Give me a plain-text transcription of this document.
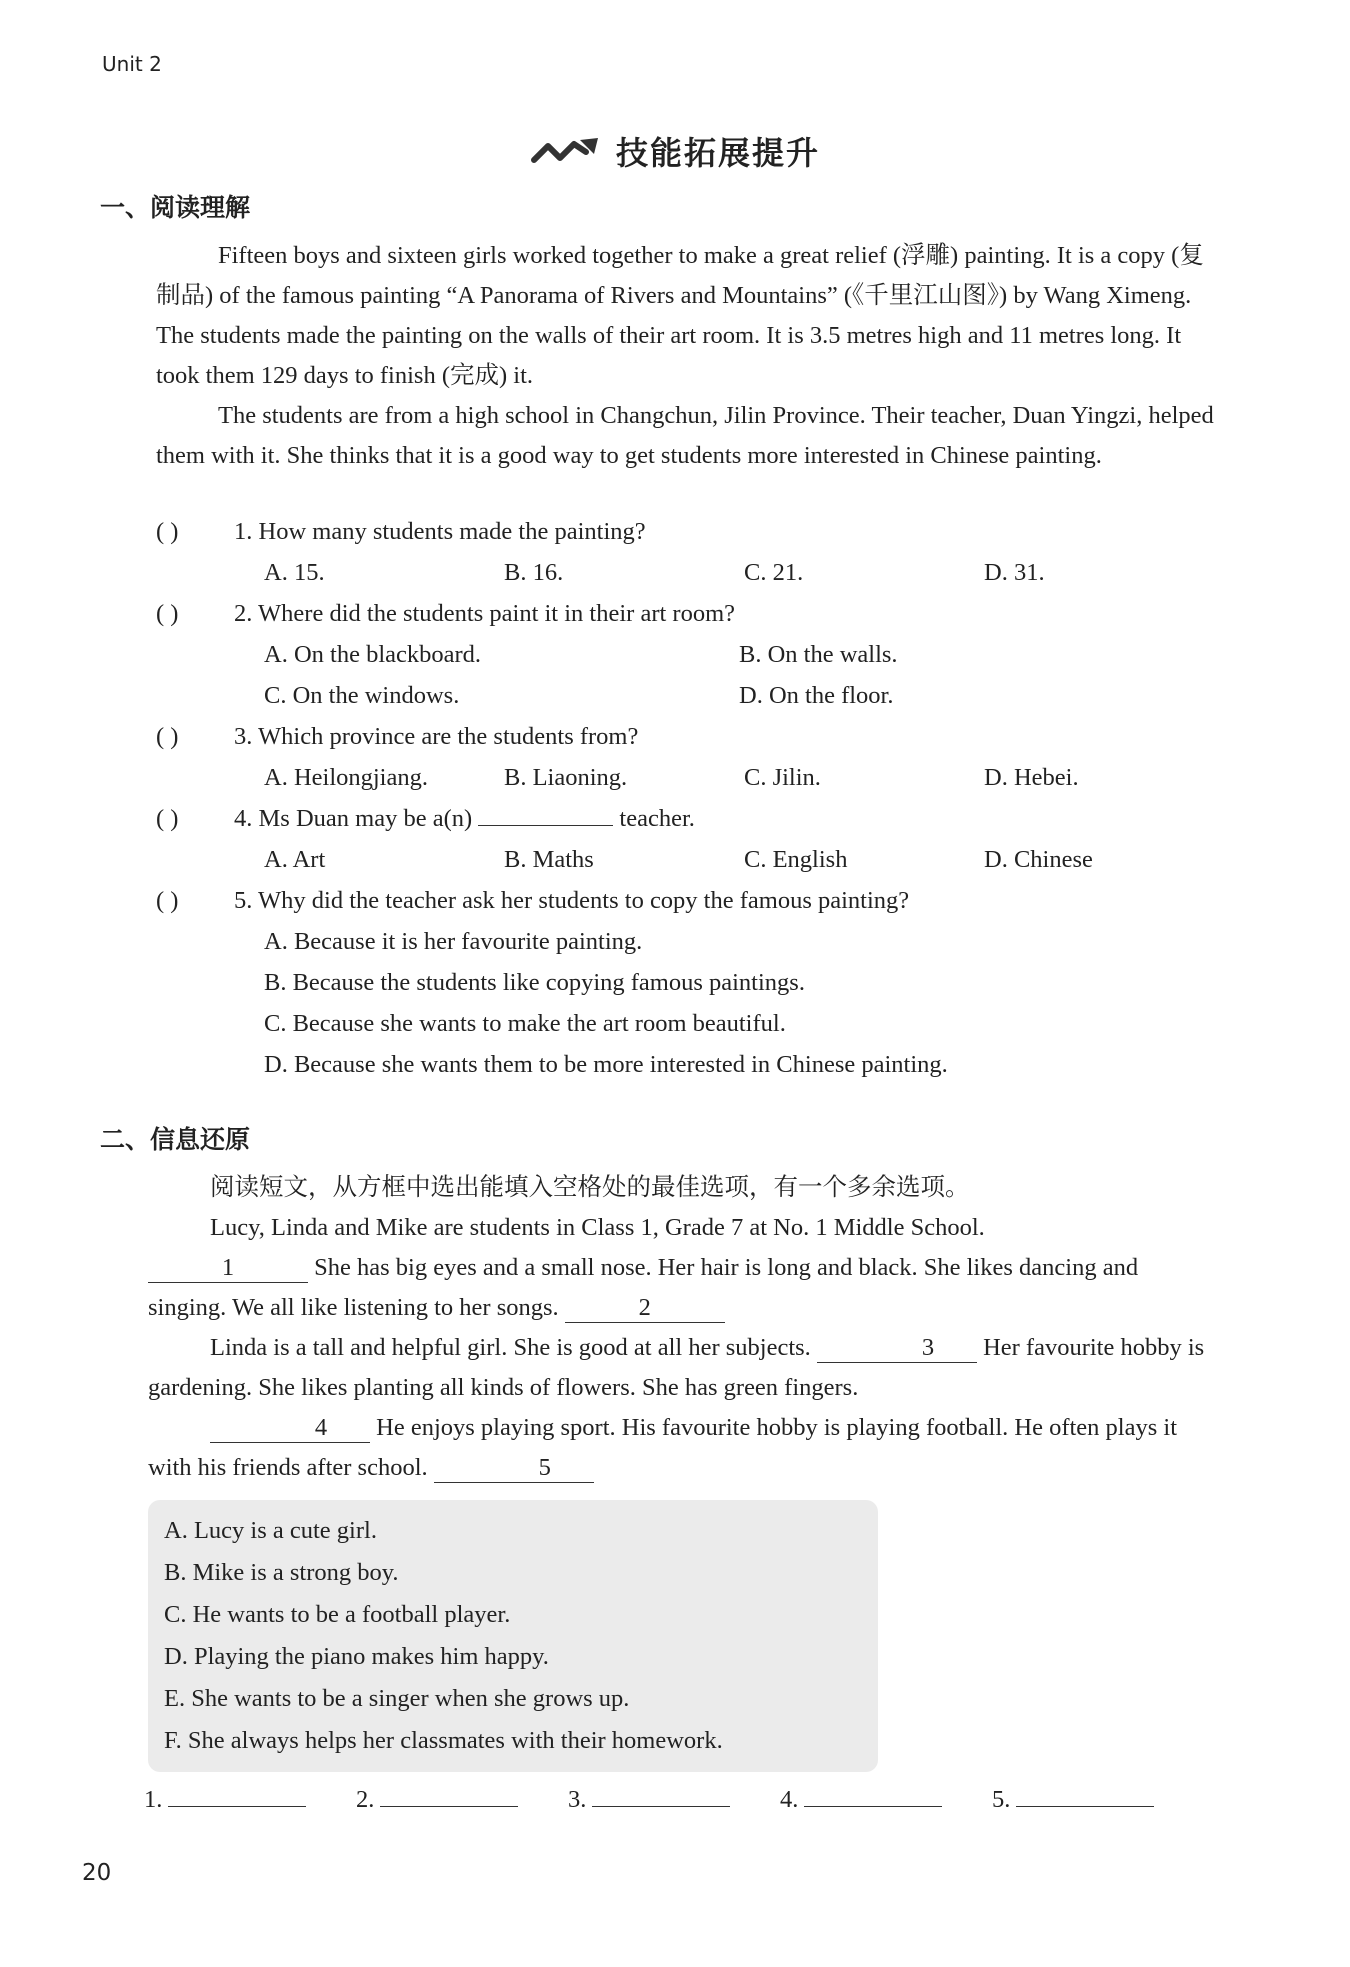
Unit 2
技能拓展提升
一、阅读理解

Fifteen boys and sixteen girls worked together to make a great relief (浮雕) painting. It is a copy (复制品) of the famous painting “A Panorama of Rivers and Mountains” (《千里江山图》) by Wang Ximeng. The students made the painting on the walls of their art room. It is 3.5 metres high and 11 metres long. It took them 129 days to finish (完成) it.

The students are from a high school in Changchun, Jilin Province. Their teacher, Duan Yingzi, helped them with it. She thinks that it is a good way to get students more interested in Chinese painting.

( )	1. How many students made the painting?
A. 15.	B. 16.	C. 21.	D. 31.
( )	2. Where did the students paint it in their art room?
A. On the blackboard.	B. On the walls.
C. On the windows.	D. On the floor.
( )	3. Which province are the students from?
A. Heilongjiang.	B. Liaoning.	C. Jilin.	D. Hebei.
( )	4. Ms Duan may be a(n)	teacher.
A. Art	B. Maths	C. English	D. Chinese
( )	5. Why did the teacher ask her students to copy the famous painting?
A. Because it is her favourite painting.
B. Because the students like copying famous paintings.
C. Because she wants to make the art room beautiful.
D. Because she wants them to be more interested in Chinese painting.
二、信息还原

阅读短文，从方框中选出能填入空格处的最佳选项，有一个多余选项。

Lucy, Linda and Mike are students in Class 1, Grade 7 at No. 1 Middle School.

1	She has big eyes and a small nose. Her hair is long and black. She likes dancing and singing. We all like listening to her songs.	2

Linda is a tall and helpful girl. She is good at all her subjects.	3 Her favourite hobby is gardening. She likes planting all kinds of flowers. She has green fingers.

4 He enjoys playing sport. His favourite hobby is playing football. He often plays it with his friends after school.	5

A. Lucy is a cute girl.
B. Mike is a strong boy.
C. He wants to be a football player.
D. Playing the piano makes him happy.
E. She wants to be a singer when she grows up.
F. She always helps her classmates with their homework.
1.	2.	3.	4.	5.
20
